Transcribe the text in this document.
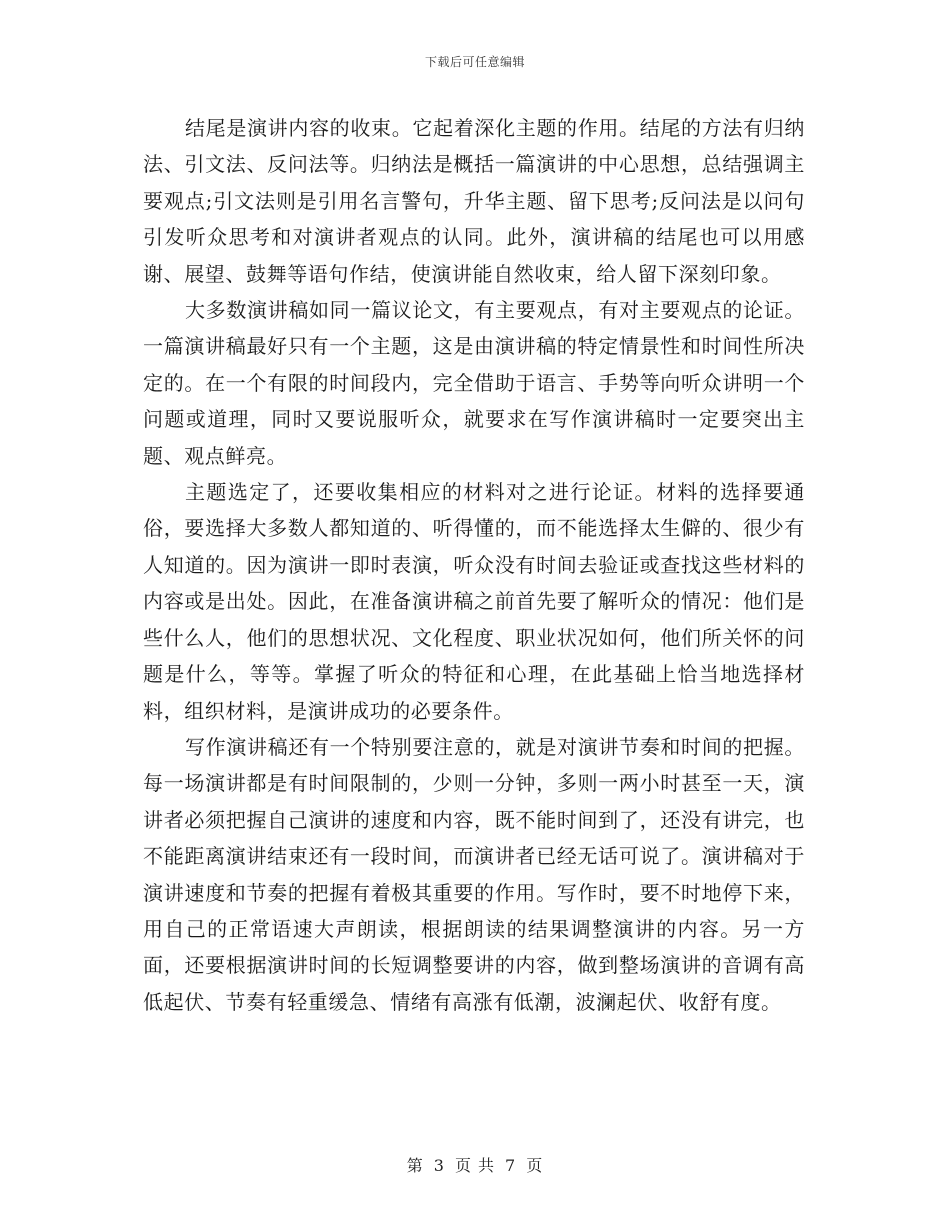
下载后可任意编辑

结尾是演讲内容的收束。它起着深化主题的作用。结尾的方法有归纳法、引文法、反问法等。归纳法是概括一篇演讲的中心思想，总结强调主要观点;引文法则是引用名言警句，升华主题、留下思考;反问法是以问句引发听众思考和对演讲者观点的认同。此外，演讲稿的结尾也可以用感谢、展望、鼓舞等语句作结，使演讲能自然收束，给人留下深刻印象。

大多数演讲稿如同一篇议论文，有主要观点，有对主要观点的论证。一篇演讲稿最好只有一个主题，这是由演讲稿的特定情景性和时间性所决定的。在一个有限的时间段内，完全借助于语言、手势等向听众讲明一个问题或道理，同时又要说服听众，就要求在写作演讲稿时一定要突出主题、观点鲜亮。

主题选定了，还要收集相应的材料对之进行论证。材料的选择要通俗，要选择大多数人都知道的、听得懂的，而不能选择太生僻的、很少有人知道的。因为演讲一即时表演，听众没有时间去验证或查找这些材料的内容或是出处。因此，在准备演讲稿之前首先要了解听众的情况：他们是些什么人，他们的思想状况、文化程度、职业状况如何，他们所关怀的问题是什么，等等。掌握了听众的特征和心理，在此基础上恰当地选择材料，组织材料，是演讲成功的必要条件。

写作演讲稿还有一个特别要注意的，就是对演讲节奏和时间的把握。每一场演讲都是有时间限制的，少则一分钟，多则一两小时甚至一天，演讲者必须把握自己演讲的速度和内容，既不能时间到了，还没有讲完，也不能距离演讲结束还有一段时间，而演讲者已经无话可说了。演讲稿对于演讲速度和节奏的把握有着极其重要的作用。写作时，要不时地停下来，用自己的正常语速大声朗读，根据朗读的结果调整演讲的内容。另一方面，还要根据演讲时间的长短调整要讲的内容，做到整场演讲的音调有高低起伏、节奏有轻重缓急、情绪有高涨有低潮，波澜起伏、收舒有度。

第 3 页 共 7 页
